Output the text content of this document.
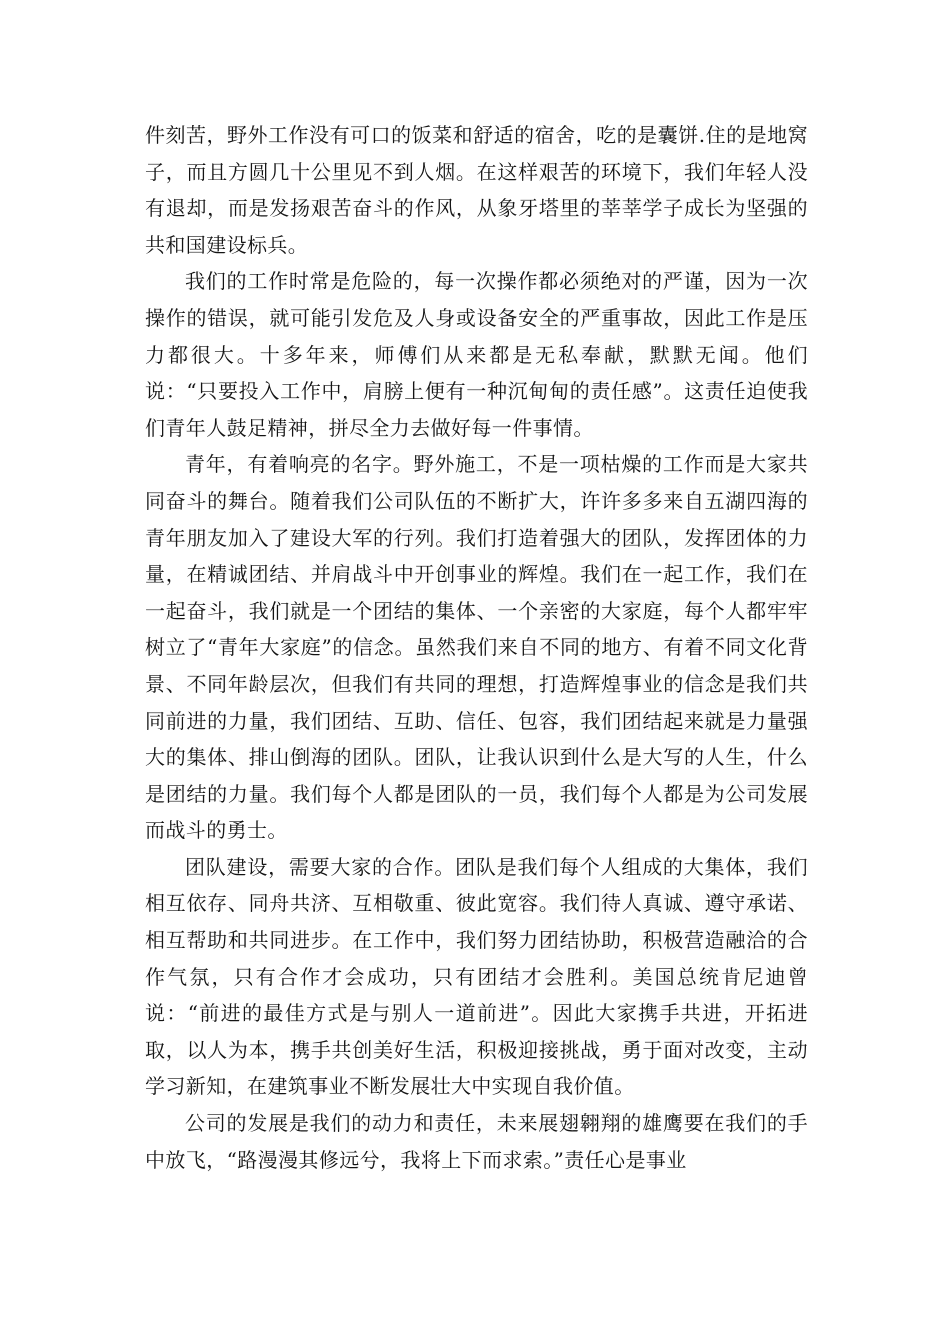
件刻苦，野外工作没有可口的饭菜和舒适的宿舍，吃的是囊饼.住的是地窝子，而且方圆几十公里见不到人烟。在这样艰苦的环境下，我们年轻人没有退却，而是发扬艰苦奋斗的作风，从象牙塔里的莘莘学子成长为坚强的共和国建设标兵。

我们的工作时常是危险的，每一次操作都必须绝对的严谨，因为一次操作的错误，就可能引发危及人身或设备安全的严重事故，因此工作是压力都很大。十多年来，师傅们从来都是无私奉献，默默无闻。他们说：“只要投入工作中，肩膀上便有一种沉甸甸的责任感”。这责任迫使我们青年人鼓足精神，拼尽全力去做好每一件事情。

青年，有着响亮的名字。野外施工，不是一项枯燥的工作而是大家共同奋斗的舞台。随着我们公司队伍的不断扩大，许许多多来自五湖四海的青年朋友加入了建设大军的行列。我们打造着强大的团队，发挥团体的力量，在精诚团结、并肩战斗中开创事业的辉煌。我们在一起工作，我们在一起奋斗，我们就是一个团结的集体、一个亲密的大家庭，每个人都牢牢树立了“青年大家庭”的信念。虽然我们来自不同的地方、有着不同文化背景、不同年龄层次，但我们有共同的理想，打造辉煌事业的信念是我们共同前进的力量，我们团结、互助、信任、包容，我们团结起来就是力量强大的集体、排山倒海的团队。团队，让我认识到什么是大写的人生，什么是团结的力量。我们每个人都是团队的一员，我们每个人都是为公司发展而战斗的勇士。

团队建设，需要大家的合作。团队是我们每个人组成的大集体，我们相互依存、同舟共济、互相敬重、彼此宽容。我们待人真诚、遵守承诺、相互帮助和共同进步。在工作中，我们努力团结协助，积极营造融洽的合作气氛，只有合作才会成功，只有团结才会胜利。美国总统肯尼迪曾说：“前进的最佳方式是与别人一道前进”。因此大家携手共进，开拓进取，以人为本，携手共创美好生活，积极迎接挑战，勇于面对改变，主动学习新知，在建筑事业不断发展壮大中实现自我价值。

公司的发展是我们的动力和责任，未来展翅翱翔的雄鹰要在我们的手中放飞，“路漫漫其修远兮，我将上下而求索。”责任心是事业
